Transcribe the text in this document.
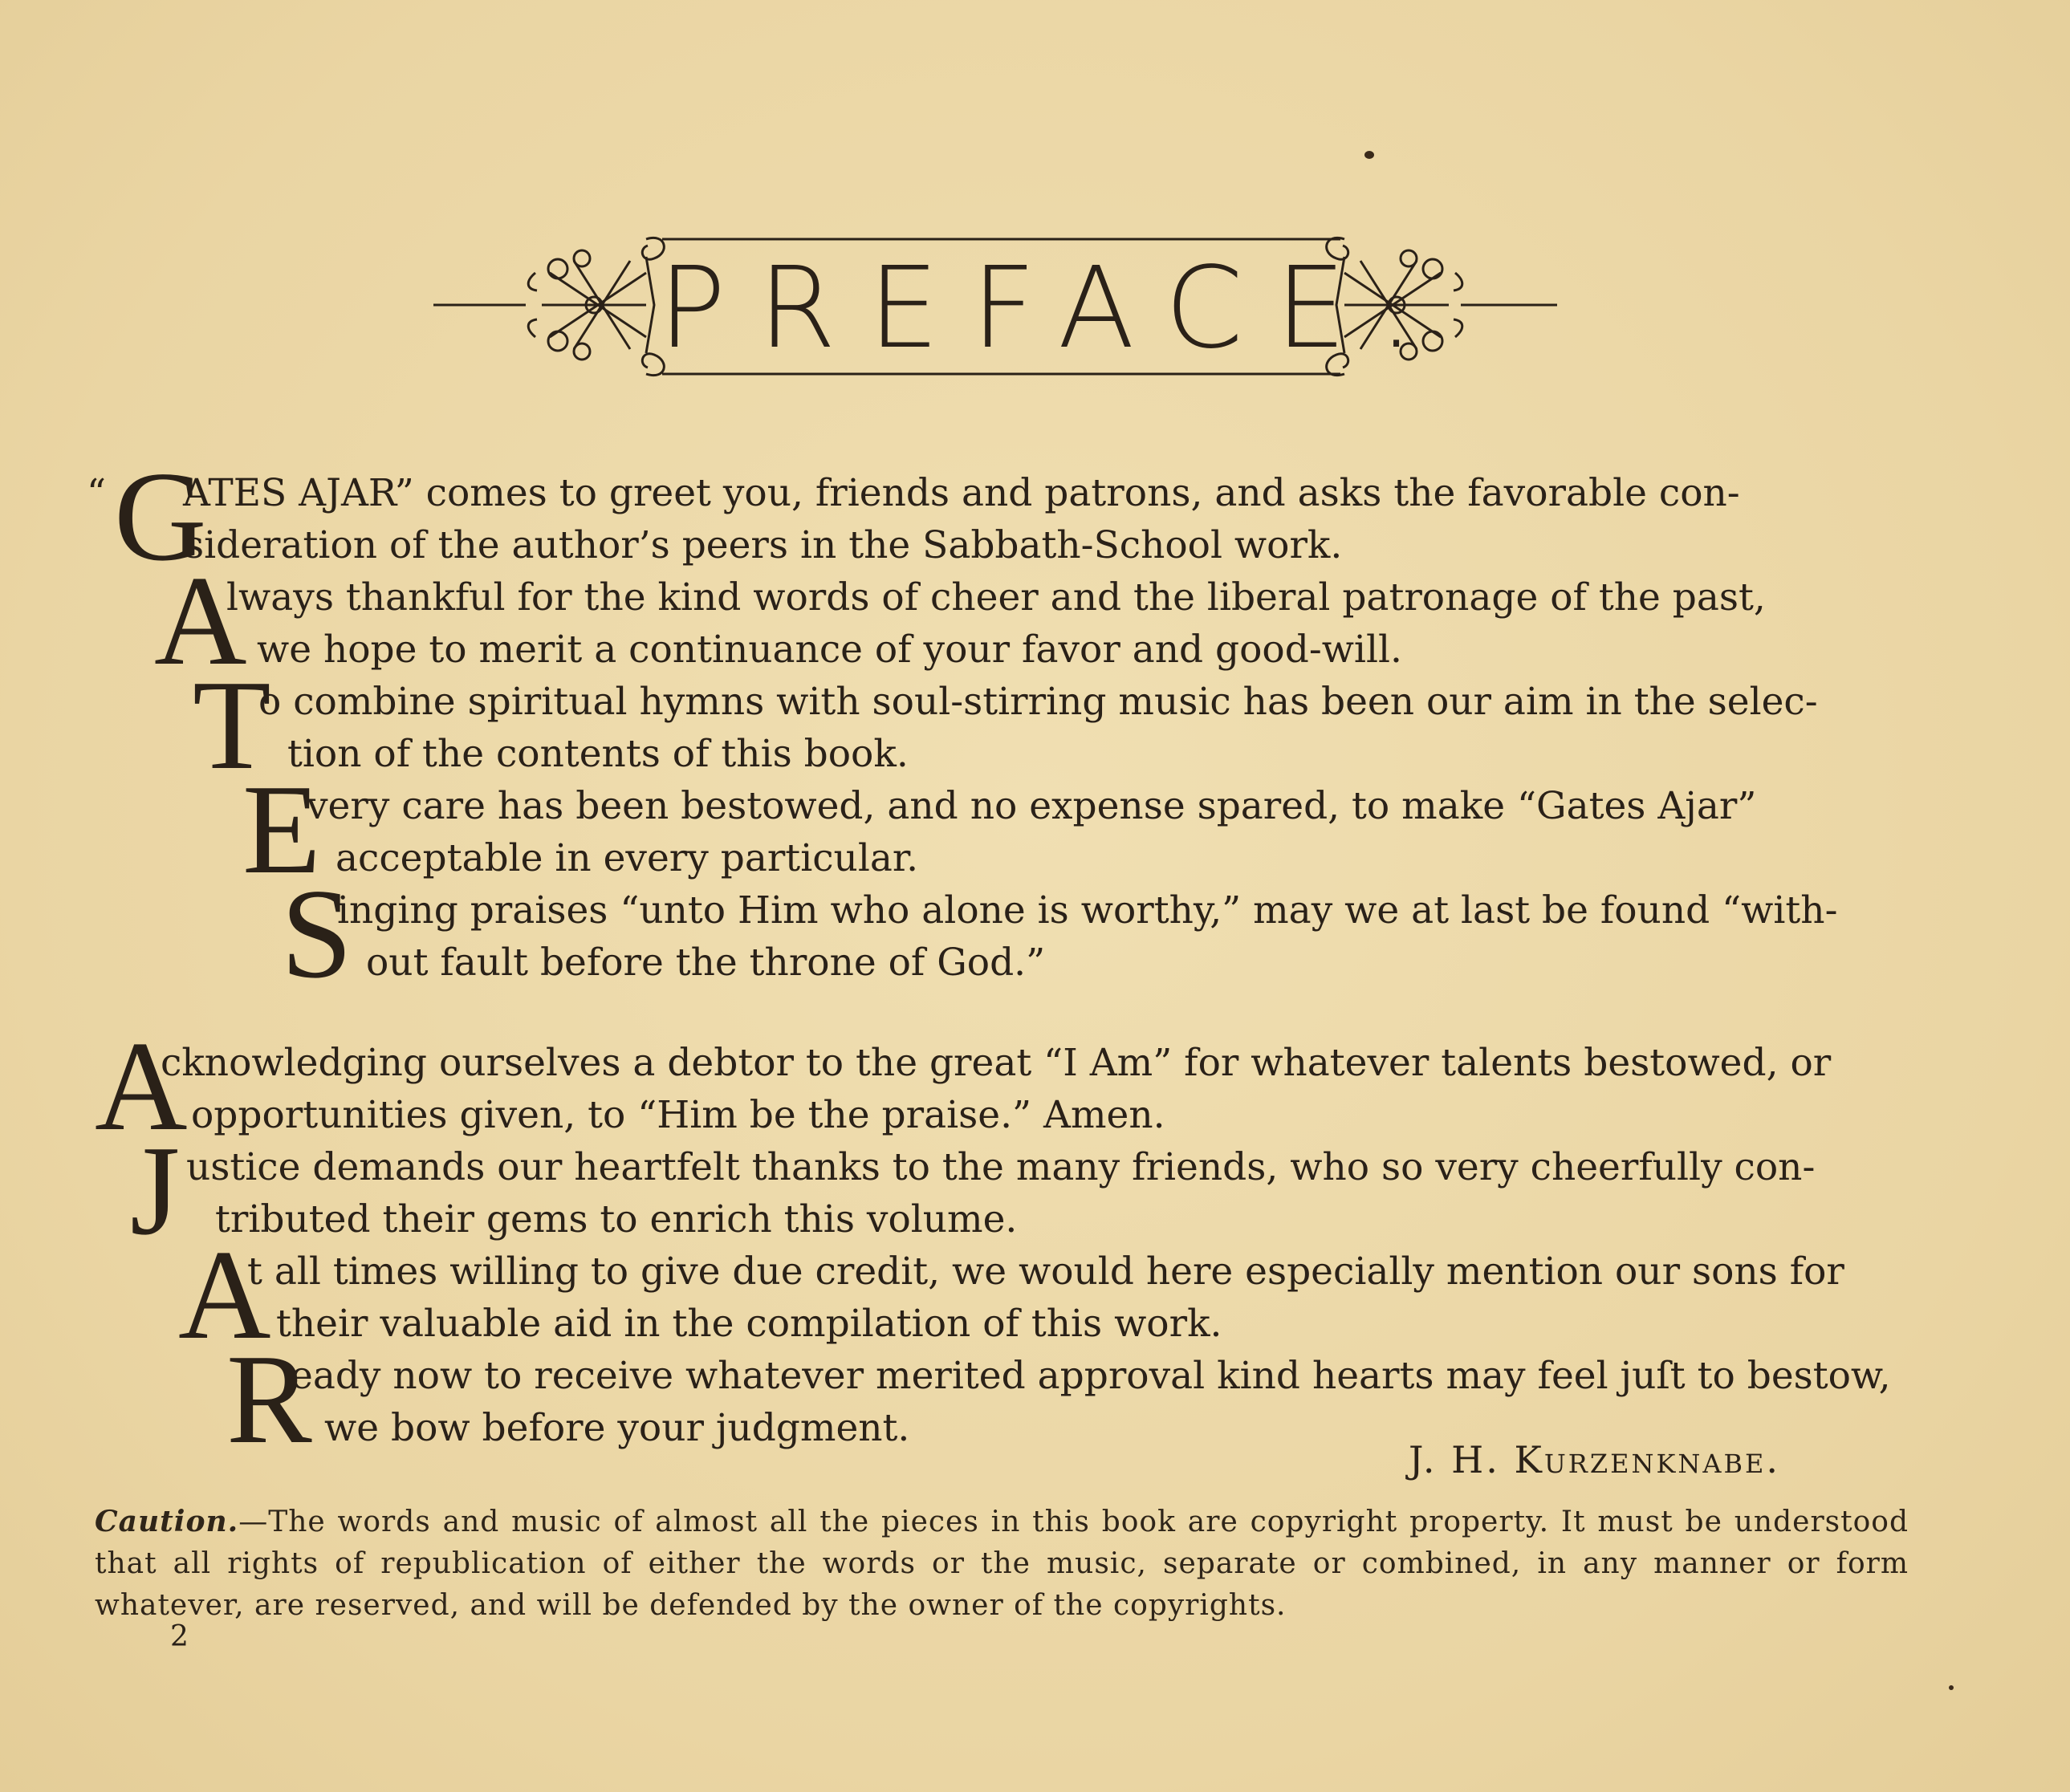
PREFACE.
“ G
ATES AJAR” comes to greet you, friends and patrons, and asks the favorable con-
sideration of the author’s peers in the Sabbath-School work.
A
lways thankful for the kind words of cheer and the liberal patronage of the past,
we hope to merit a continuance of your favor and good-will.
T
o combine spiritual hymns with soul-stirring music has been our aim in the selec-
tion of the contents of this book.
E
very care has been bestowed, and no expense spared, to make “Gates Ajar”
acceptable in every particular.
S
inging praises “unto Him who alone is worthy,” may we at last be found “with-
out fault before the throne of God.”
A
cknowledging ourselves a debtor to the great “I Am” for whatever talents bestowed, or
opportunities given, to “Him be the praise.” Amen.
J ustice demands our heartfelt thanks to the many friends, who so very cheerfully con-
tributed their gems to enrich this volume.
A
t all times willing to give due credit, we would here especially mention our sons for
their valuable aid in the compilation of this work.
R
eady now to receive whatever merited approval kind hearts may feel juſt to bestow,
we bow before your judgment.
J. H. Kurzenknabe.
Caution.—The words and music of almost all the pieces in this book are copyright property. It must be understood that all rights of republication of either the words or the music, separate or combined, in any manner or form whatever, are reserved, and will be defended by the owner of the copyrights.
2
